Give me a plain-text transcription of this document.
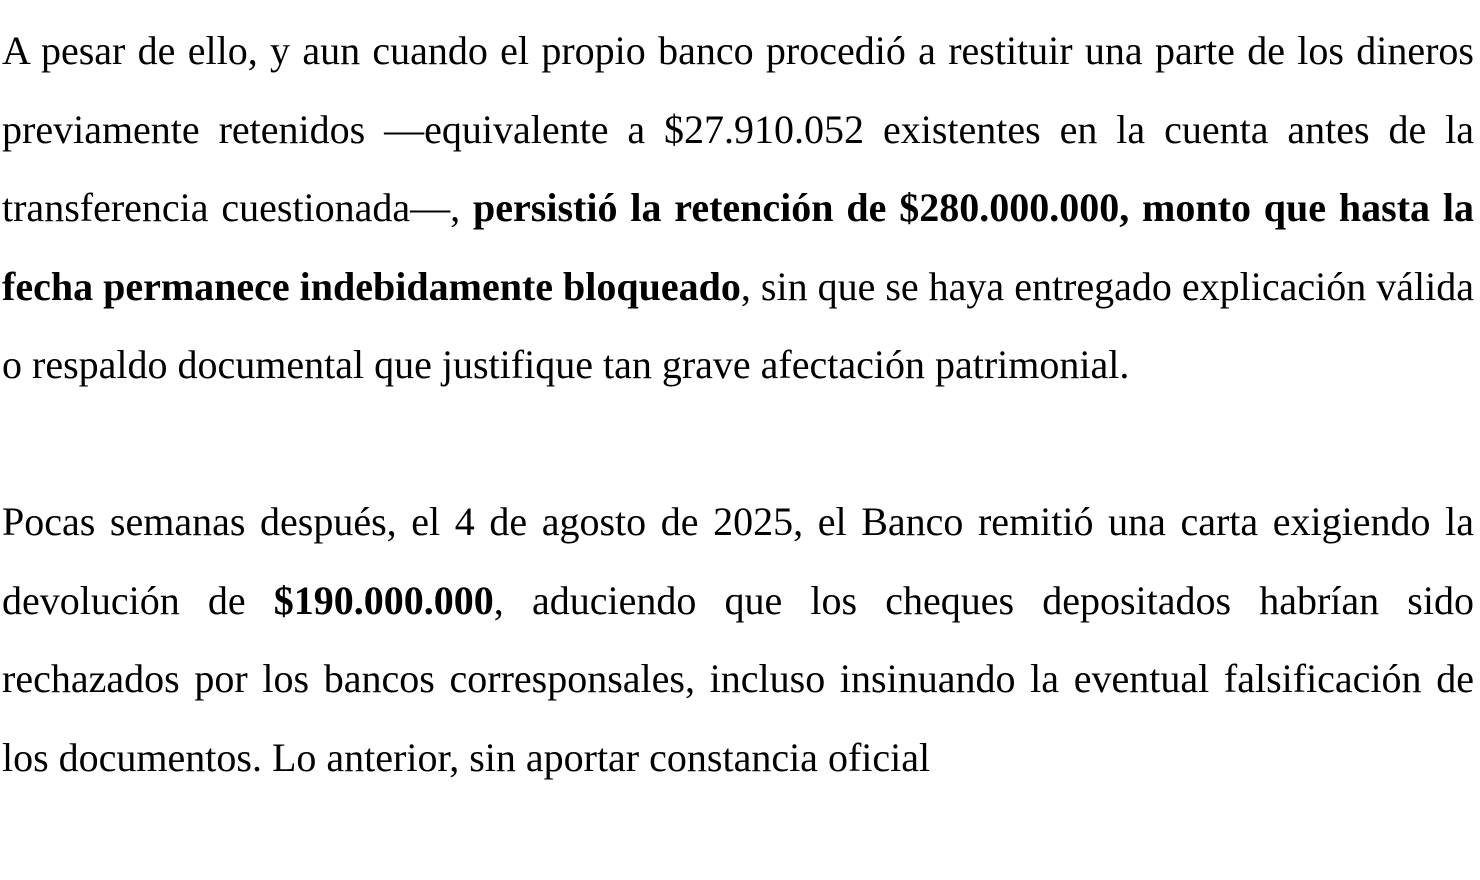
A pesar de ello, y aun cuando el propio banco procedió a restituir una parte de los dineros previamente retenidos —equivalente a $27.910.052 existentes en la cuenta antes de la transferencia cuestionada—, persistió la retención de $280.000.000, monto que hasta la fecha permanece indebidamente bloqueado, sin que se haya entregado explicación válida o respaldo documental que justifique tan grave afectación patrimonial.

Pocas semanas después, el 4 de agosto de 2025, el Banco remitió una carta exigiendo la devolución de $190.000.000, aduciendo que los cheques depositados habrían sido rechazados por los bancos corresponsales, incluso insinuando la eventual falsificación de los documentos. Lo anterior, sin aportar constancia oficial
